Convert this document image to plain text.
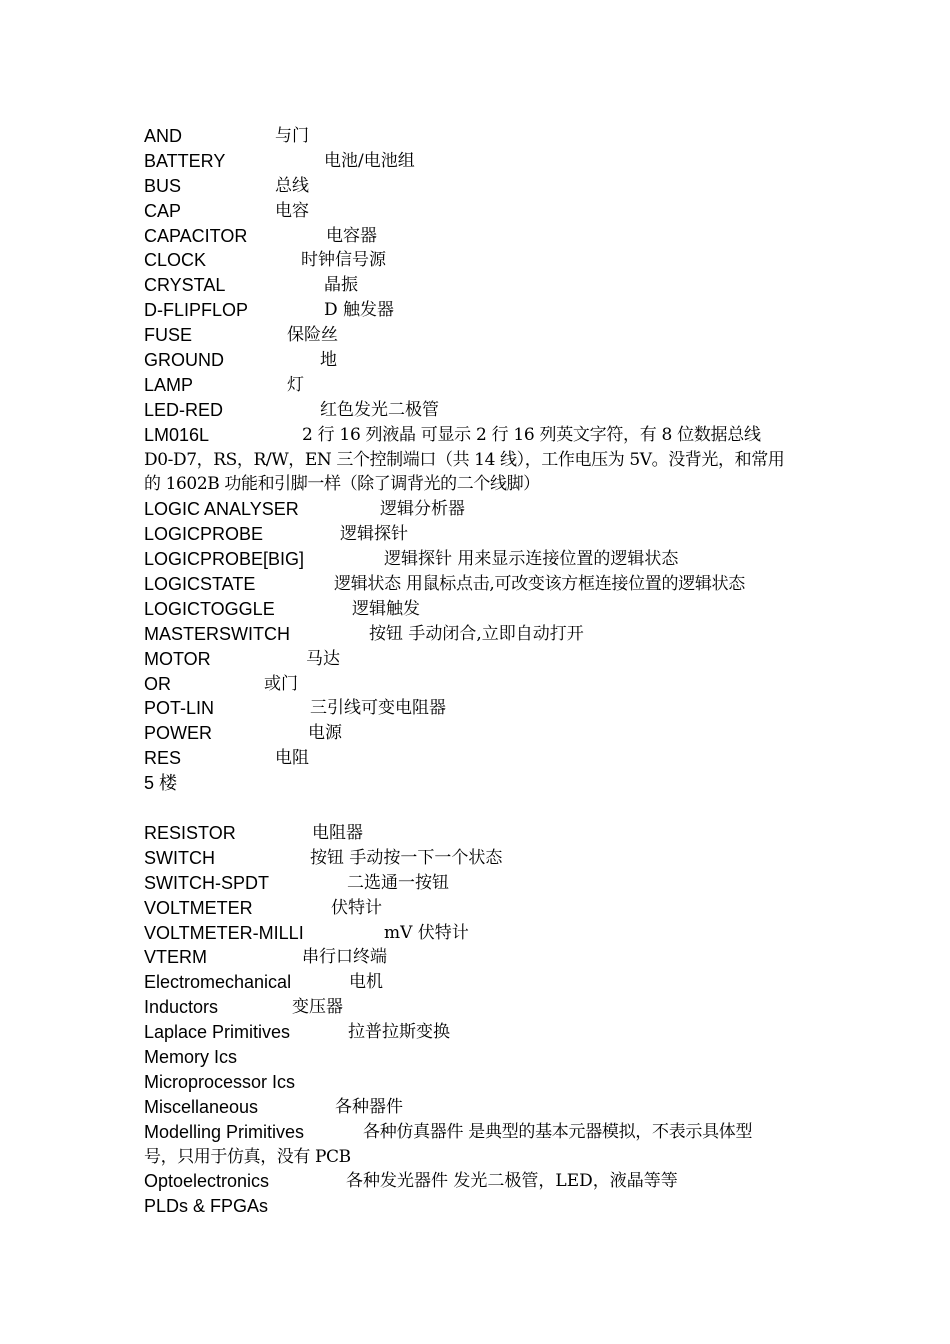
AND	与门
BATTERY	电池/电池组
BUS	总线
CAP	电容
CAPACITOR	电容器
CLOCK	时钟信号源
CRYSTAL	晶振
D-FLIPFLOP	D 触发器
FUSE	保险丝
GROUND	地
LAMP	灯
LED-RED	红色发光二极管
LM016L	2 行 16 列液晶 可显示 2 行 16 列英文字符，有 8 位数据总线
D0-D7，RS，R/W，EN 三个控制端口（共 14 线），工作电压为 5V。没背光，和常用
的 1602B 功能和引脚一样（除了调背光的二个线脚）
LOGIC ANALYSER	逻辑分析器
LOGICPROBE	逻辑探针
LOGICPROBE[BIG]	逻辑探针 用来显示连接位置的逻辑状态
LOGICSTATE	逻辑状态 用鼠标点击,可改变该方框连接位置的逻辑状态
LOGICTOGGLE	逻辑触发
MASTERSWITCH	按钮 手动闭合,立即自动打开
MOTOR	马达
OR	或门
POT-LIN	三引线可变电阻器
POWER	电源
RES	电阻
5 楼
RESISTOR	电阻器
SWITCH	按钮 手动按一下一个状态
SWITCH-SPDT	二选通一按钮
VOLTMETER	伏特计
VOLTMETER-MILLI	mV 伏特计
VTERM	串行口终端
Electromechanical	电机
Inductors	变压器
Laplace Primitives	拉普拉斯变换
Memory Ics
Microprocessor Ics
Miscellaneous	各种器件
Modelling Primitives	各种仿真器件 是典型的基本元器模拟，不表示具体型
号，只用于仿真，没有 PCB
Optoelectronics	各种发光器件 发光二极管，LED，液晶等等
PLDs & FPGAs
